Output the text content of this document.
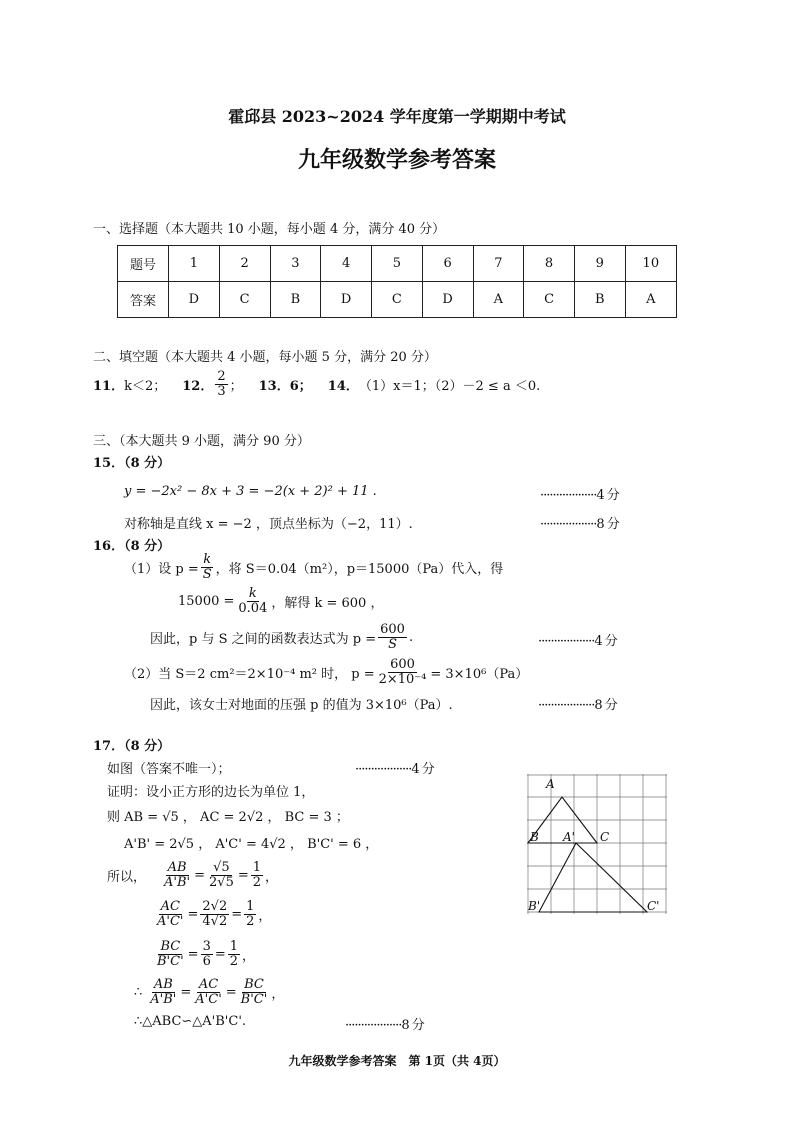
霍邱县 2023~2024 学年度第一学期期中考试
九年级数学参考答案
一、选择题（本大题共 10 小题，每小题 4 分，满分 40 分）
题号	1	2	3	4	5	6	7	8	9	10
答案	D	C	B	D	C	D	A	C	B	A
二、填空题（本大题共 4 小题，每小题 5 分，满分 20 分）
11． k＜2； 12． $\frac{2}{3}$ ； 13．6； 14． （1）x＝1；（2）－2 ≤ a ＜0.
三、（本大题共 9 小题，满分 90 分）
15．（8 分）
y = −2x² − 8x + 3 = −2(x + 2)² + 11 .	··················4 分
对称轴是直线 x = −2 ，顶点坐标为（−2，11）.	··················8 分
16．（8 分）
（1）设 $p = \frac{k}{S}$ ，将 S＝0.04（m²），p＝15000（Pa）代入，得
$15000 = \frac{k}{0.04}$ ，解得 k = 600 ，
因此，p 与 S 之间的函数表达式为 $p = \frac{600}{S}$ .	··················4 分
（2）当 S＝2 cm²＝2×10⁻⁴ m² 时， $p = \frac{600}{\text{2×10⁻⁴}} = 3\times 10^6(Pa)$
因此，该女士对地面的压强 p 的值为 3×10⁶（Pa）.	··················8 分
17．（8 分）
如图（答案不唯一）；	··················4 分
证明：设小正方形的边长为单位 1，
则 AB = √5 ， AC = 2√2 ， BC = 3 ；
A'B' = 2√5 ， A'C' = 4√2 ， B'C' = 6 ，
所以， $\frac{AB}{A'B'} = \frac{√5}{2√5} = \frac{1}{2}$ ，
$\frac{AC}{A'C'} = \frac{2√2}{4√2} = \frac{1}{2}$ ，
$\frac{BC}{B'C'} = \frac{3}{6} = \frac{1}{2}$ ，
∴ $\frac{AB}{A'B'} = \frac{AC}{A'C'} = \frac{BC}{B'C'}$ ，
∴△ABC∽△A'B'C'.	··················8 分
A
B A' C
B'	C'
九年级数学参考答案　第 1页（共 4页）
